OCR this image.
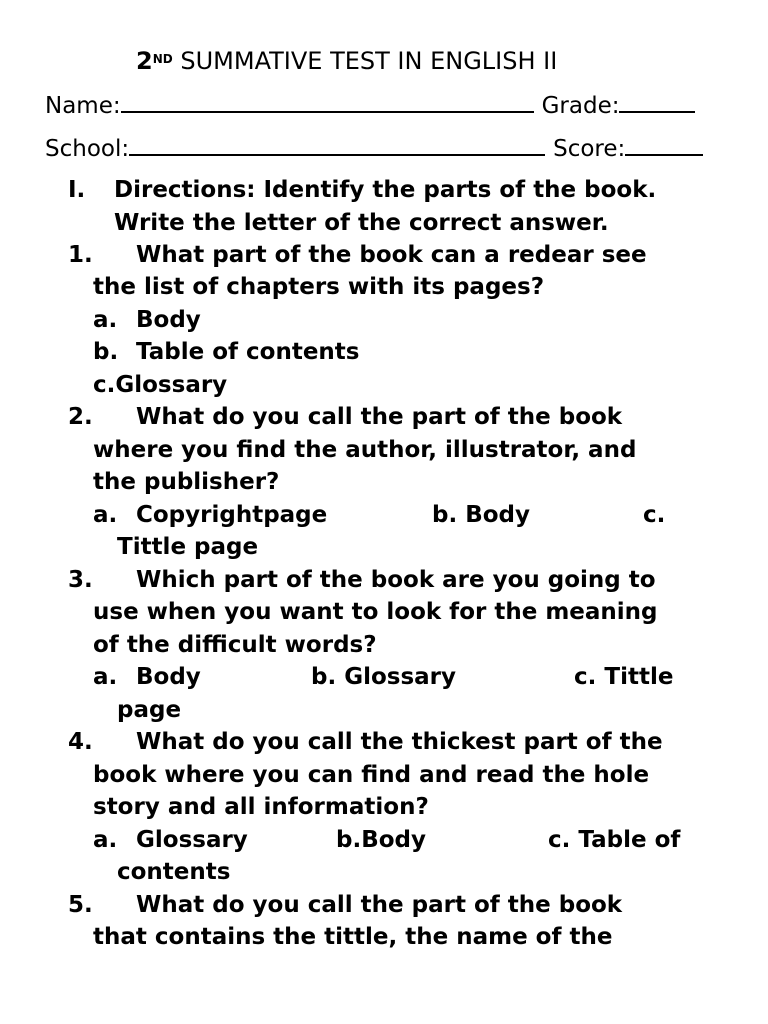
2ND SUMMATIVE TEST IN ENGLISH II
Name:	Grade:
School:	Score:
I. Directions: Identify the parts of the book.
Write the letter of the correct answer.
1. What part of the book can a redear see
the list of chapters with its pages?
a. Body
b. Table of contents
c.Glossary
2. What do you call the part of the book
where you find the author, illustrator, and
the publisher?
a. Copyrightpage	b. Body	c.
Tittle page
3. Which part of the book are you going to
use when you want to look for the meaning
of the difficult words?
a. Body	b. Glossary	c. Tittle
page
4. What do you call the thickest part of the
book where you can find and read the hole
story and all information?
a. Glossary	b.Body	c. Table of
contents
5. What do you call the part of the book
that contains the tittle, the name of the
